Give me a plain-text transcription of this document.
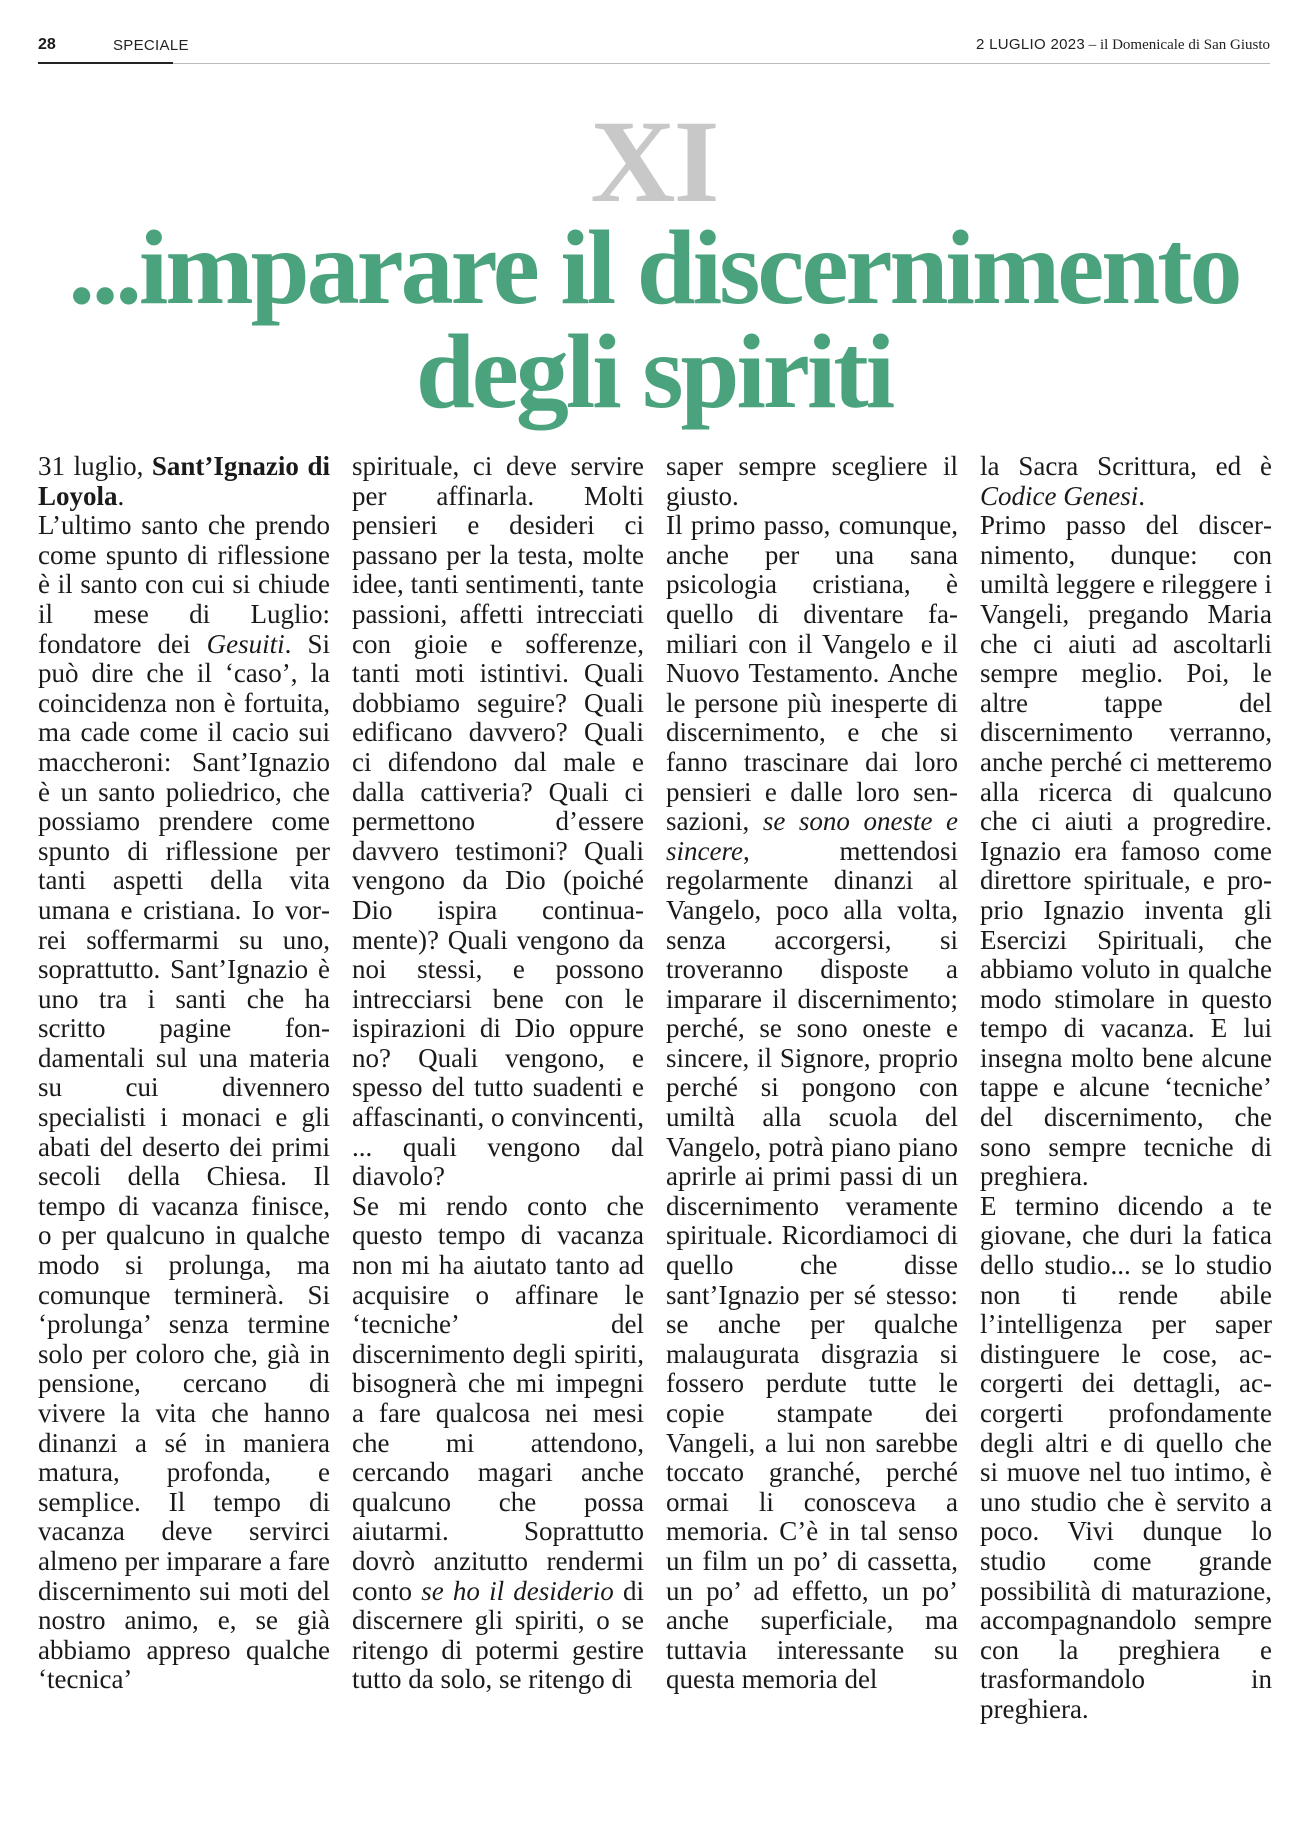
28	SPECIALE	2 LUGLIO 2023 – il Domenicale di San Giusto
XI
...imparare il discernimento
degli spiriti

31 luglio, Sant’Ignazio di Loyola.

L’ultimo santo che prendo come spunto di riflessione è il santo con cui si chiude il mese di Luglio: fondatore dei Gesuiti. Si può dire che il ‘caso’, la coincidenza non è fortuita, ma cade come il cacio sui maccheroni: Sant’Ignazio è un santo poliedrico, che possiamo prendere come spunto di riflessione per tanti aspetti della vita umana e cristiana. Io vorrei soffermarmi su uno, soprattutto. Sant’Ignazio è uno tra i santi che ha scritto pagine fondamentali sul una materia su cui divennero specialisti i monaci e gli abati del deserto dei primi secoli della Chiesa. Il tempo di vacanza finisce, o per qualcuno in qualche modo si prolunga, ma comunque terminerà. Si ‘prolunga’ senza termine solo per coloro che, già in pensione, cercano di vivere la vita che hanno dinanzi a sé in maniera matura, profonda, e semplice. Il tempo di vacanza deve servirci almeno per imparare a fare discernimento sui moti del nostro animo, e, se già abbiamo appreso qualche ‘tecnica’

spirituale, ci deve servire per affinarla. Molti pensieri e desideri ci passano per la testa, molte idee, tanti sentimenti, tante passioni, affetti intrecciati con gioie e sofferenze, tanti moti istintivi. Quali dobbiamo seguire? Quali edificano davvero? Quali ci difendono dal male e dalla cattiveria? Quali ci permettono d’essere davvero testimoni? Quali vengono da Dio (poiché Dio ispira continuamente)? Quali vengono da noi stessi, e possono intrecciarsi bene con le ispirazioni di Dio oppure no? Quali vengono, e spesso del tutto suadenti e affascinanti, o convincenti, ... quali vengono dal diavolo?

Se mi rendo conto che questo tempo di vacanza non mi ha aiutato tanto ad acquisire o affinare le ‘tecniche’ del discernimento degli spiriti, bisognerà che mi impegni a fare qualcosa nei mesi che mi attendono, cercando magari anche qualcuno che possa aiutarmi. Soprattutto dovrò anzitutto rendermi conto se ho il desiderio di discernere gli spiriti, o se ritengo di potermi gestire tutto da solo, se ritengo di

saper sempre scegliere il giusto.

Il primo passo, comunque, anche per una sana psicologia cristiana, è quello di diventare familiari con il Vangelo e il Nuovo Testamento. Anche le persone più inesperte di discernimento, e che si fanno trascinare dai loro pensieri e dalle loro sensazioni, se sono oneste e sincere, mettendosi regolarmente dinanzi al Vangelo, poco alla volta, senza accorgersi, si troveranno disposte a imparare il discernimento; perché, se sono oneste e sincere, il Signore, proprio perché si pongono con umiltà alla scuola del Vangelo, potrà piano piano aprirle ai primi passi di un discernimento veramente spirituale. Ricordiamoci di quello che disse sant’Ignazio per sé stesso: se anche per qualche malaugurata disgrazia si fossero perdute tutte le copie stampate dei Vangeli, a lui non sarebbe toccato granché, perché ormai li conosceva a memoria. C’è in tal senso un film un po’ di cassetta, un po’ ad effetto, un po’ anche superficiale, ma tuttavia interessante su questa memoria del

la Sacra Scrittura, ed è Codice Genesi.

Primo passo del discernimento, dunque: con umiltà leggere e rileggere i Vangeli, pregando Maria che ci aiuti ad ascoltarli sempre meglio. Poi, le altre tappe del discernimento verranno, anche perché ci metteremo alla ricerca di qualcuno che ci aiuti a progredire. Ignazio era famoso come direttore spirituale, e proprio Ignazio inventa gli Esercizi Spirituali, che abbiamo voluto in qualche modo stimolare in questo tempo di vacanza. E lui insegna molto bene alcune tappe e alcune ‘tecniche’ del discernimento, che sono sempre tecniche di preghiera.

E termino dicendo a te giovane, che duri la fatica dello studio... se lo studio non ti rende abile l’intelligenza per saper distinguere le cose, accorgerti dei dettagli, accorgerti profondamente degli altri e di quello che si muove nel tuo intimo, è uno studio che è servito a poco. Vivi dunque lo studio come grande possibilità di maturazione, accompagnandolo sempre con la preghiera e trasformandolo in preghiera.
